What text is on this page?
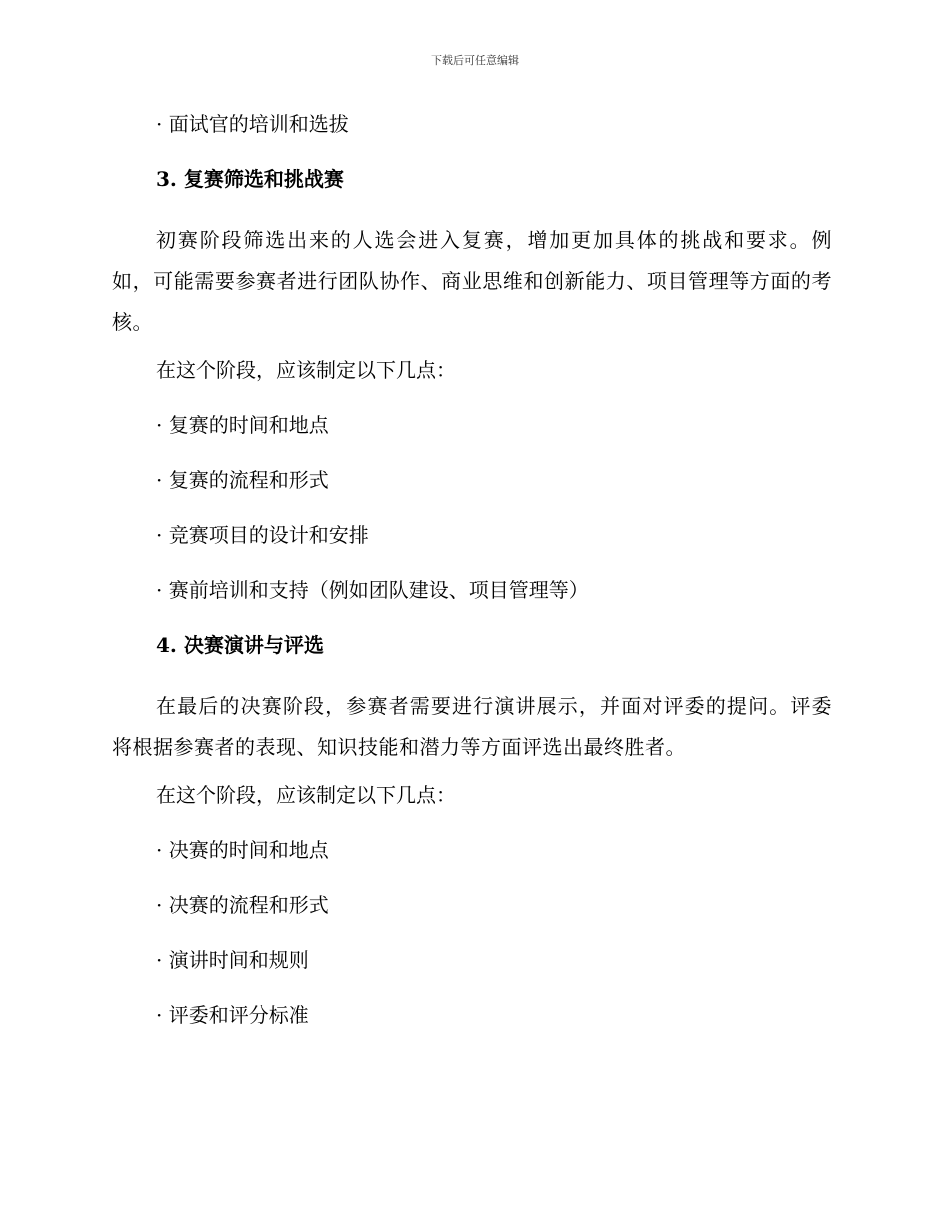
下载后可任意编辑

· 面试官的培训和选拔

3. 复赛筛选和挑战赛

初赛阶段筛选出来的人选会进入复赛，增加更加具体的挑战和要求。例如，可能需要参赛者进行团队协作、商业思维和创新能力、项目管理等方面的考核。

在这个阶段，应该制定以下几点：

· 复赛的时间和地点

· 复赛的流程和形式

· 竞赛项目的设计和安排

· 赛前培训和支持（例如团队建设、项目管理等）

4. 决赛演讲与评选

在最后的决赛阶段，参赛者需要进行演讲展示，并面对评委的提问。评委将根据参赛者的表现、知识技能和潜力等方面评选出最终胜者。

在这个阶段，应该制定以下几点：

· 决赛的时间和地点

· 决赛的流程和形式

· 演讲时间和规则

· 评委和评分标准
